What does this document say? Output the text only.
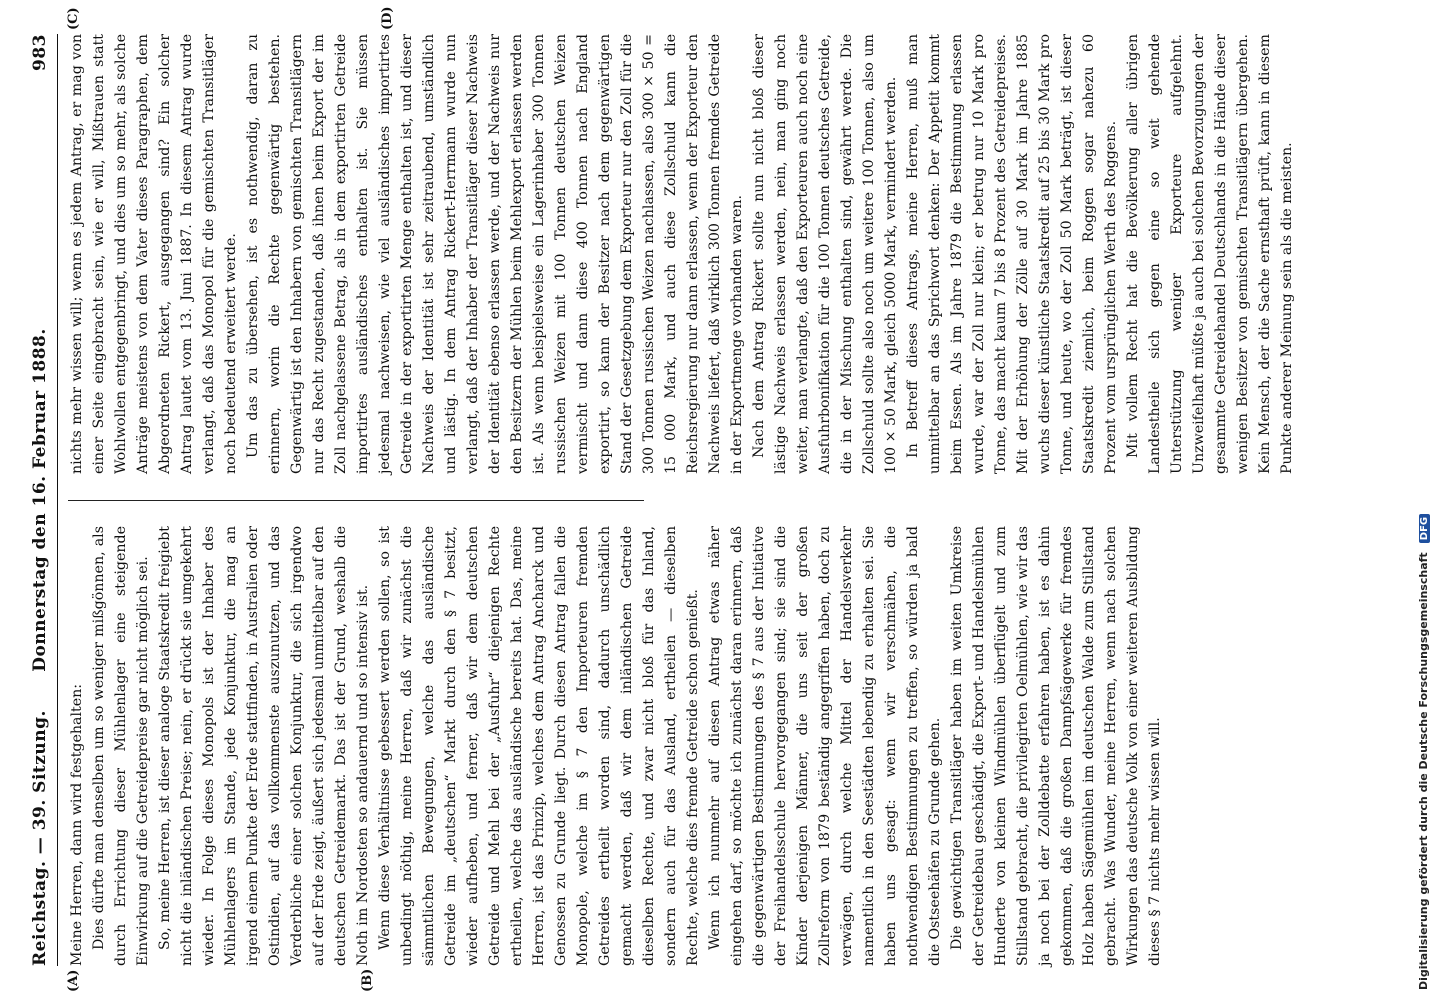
Reichstag. — 39. Sitzung.
Donnerstag den 16. Februar 1888.
983
(A)	(B)
(C)	(D)

Meine Herren, dann wird festgehalten: Dies dürfte man denselben um so weniger mißgönnen, als durch Errichtung dieser Mühlenlager eine steigende Einwirkung auf die Getreidepreise gar nicht möglich sei. So, meine Herren, ist dieser analoge Staatskredit freigiebt nicht die inländischen Preise; nein, er drückt sie umgekehrt wieder. In Folge dieses Monopols ist der Inhaber des Mühlenlagers im Stande, jede Konjunktur, die mag an irgend einem Punkte der Erde stattfinden, in Australien oder Ostindien, auf das vollkommenste auszunutzen, und das Verderbliche einer solchen Konjunktur, die sich irgendwo auf der Erde zeigt, äußert sich jedesmal unmittelbar auf den deutschen Getreidemarkt. Das ist der Grund, weshalb die Noth im Nordosten so andauernd und so intensiv ist. Wenn diese Verhältnisse gebessert werden sollen, so ist unbedingt nöthig, meine Herren, daß wir zunächst die sämmtlichen Bewegungen, welche das ausländische Getreide im „deutschen“ Markt durch den § 7 besitzt, wieder aufheben, und ferner, daß wir dem deutschen Getreide und Mehl bei der „Ausfuhr“ diejenigen Rechte ertheilen, welche das ausländische bereits hat. Das, meine Herren, ist das Prinzip, welches dem Antrag Ancharck und Genossen zu Grunde liegt. Durch diesen Antrag fallen die Monopole, welche im § 7 den Importeuren fremden Getreides ertheilt worden sind, dadurch unschädlich gemacht werden, daß wir dem inländischen Getreide dieselben Rechte, und zwar nicht bloß für das Inland, sondern auch für das Ausland, ertheilen — dieselben Rechte, welche dies fremde Getreide schon genießt. Wenn ich nunmehr auf diesen Antrag etwas näher eingehen darf, so möchte ich zunächst daran erinnern, daß die gegenwärtigen Bestimmungen des § 7 aus der Initiative der Freihandelsschule hervorgegangen sind; sie sind die Kinder derjenigen Männer, die uns seit der großen Zollreform von 1879 beständig angegriffen haben, doch zu verwägen, durch welche Mittel der Handelsverkehr namentlich in den Seestädten lebendig zu erhalten sei. Sie haben uns gesagt: wenn wir verschmähen, die nothwendigen Bestimmungen zu treffen, so würden ja bald die Ostseehäfen zu Grunde gehen. Die gewichtigen Transitläger haben im weiten Umkreise der Getreidebau geschädigt, die Export- und Handelsmühlen Hunderte von kleinen Windmühlen überflügelt und zum Stillstand gebracht, die privilegirten Oelmühlen, wie wir das ja noch bei der Zolldebatte erfahren haben, ist es dahin gekommen, daß die großen Dampfsägewerke für fremdes Holz haben Sägemühlen im deutschen Walde zum Stillstand gebracht. Was Wunder, meine Herren, wenn nach solchen Wirkungen das deutsche Volk von einer weiteren Ausbildung dieses § 7 nichts mehr wissen will.

nichts mehr wissen will; wenn es jedem Antrag, er mag von einer Seite eingebracht sein, wie er will, Mißtrauen statt Wohlwollen entgegenbringt, und dies um so mehr, als solche Anträge meistens von dem Vater dieses Paragraphen, dem Abgeordneten Rickert, ausgegangen sind? Ein solcher Antrag lautet vom 13. Juni 1887. In diesem Antrag wurde verlangt, daß das Monopol für die gemischten Transitläger noch bedeutend erweitert werde. Um das zu übersehen, ist es nothwendig, daran zu erinnern, worin die Rechte gegenwärtig bestehen. Gegenwärtig ist den Inhabern von gemischten Transitlägern nur das Recht zugestanden, daß ihnen beim Export der im Zoll nachgelassene Betrag, als in dem exportirten Getreide importirtes ausländisches enthalten ist. Sie müssen jedesmal nachweisen, wie viel ausländisches importirtes Getreide in der exportirten Menge enthalten ist, und dieser Nachweis der Identität ist sehr zeitraubend, umständlich und lästig. In dem Antrag Rickert-Herrmann wurde nun verlangt, daß der Inhaber der Transitläger dieser Nachweis der Identität ebenso erlassen werde, und der Nachweis nur den Besitzern der Mühlen beim Mehlexport erlassen werden ist. Als wenn beispielsweise ein Lagerinhaber 300 Tonnen russischen Weizen mit 100 Tonnen deutschen Weizen vermischt und dann diese 400 Tonnen nach England exportirt, so kann der Besitzer nach dem gegenwärtigen Stand der Gesetzgebung dem Exporteur nur den Zoll für die 300 Tonnen russischen Weizen nachlassen, also 300 × 50 = 15 000 Mark, und auch diese Zollschuld kann die Reichsregierung nur dann erlassen, wenn der Exporteur den Nachweis liefert, daß wirklich 300 Tonnen fremdes Getreide in der Exportmenge vorhanden waren. Nach dem Antrag Rickert sollte nun nicht bloß dieser lästige Nachweis erlassen werden, nein, man ging noch weiter, man verlangte, daß den Exporteuren auch noch eine Ausfuhrbonifikation für die 100 Tonnen deutsches Getreide, die in der Mischung enthalten sind, gewährt werde. Die Zollschuld sollte also noch um weitere 100 Tonnen, also um 100 × 50 Mark, gleich 5000 Mark, vermindert werden. In Betreff dieses Antrags, meine Herren, muß man unmittelbar an das Sprichwort denken: Der Appetit kommt beim Essen. Als im Jahre 1879 die Bestimmung erlassen wurde, war der Zoll nur klein; er betrug nur 10 Mark pro Tonne, das macht kaum 7 bis 8 Prozent des Getreidepreises. Mit der Erhöhung der Zölle auf 30 Mark im Jahre 1885 wuchs dieser künstliche Staatskredit auf 25 bis 30 Mark pro Tonne, und heute, wo der Zoll 50 Mark beträgt, ist dieser Staatskredit ziemlich, beim Roggen sogar nahezu 60 Prozent vom ursprünglichen Werth des Roggens. Mit vollem Recht hat die Bevölkerung aller übrigen Landestheile sich gegen eine so weit gehende Unterstützung weniger Exporteure aufgelehnt. Unzweifelhaft müßte ja auch bei solchen Bevorzugungen der gesammte Getreidehandel Deutschlands in die Hände dieser wenigen Besitzer von gemischten Transitlägern übergehen. Kein Mensch, der die Sache ernsthaft prüft, kann in diesem Punkte anderer Meinung sein als die meisten.

Digitalisierung gefördert durch die Deutsche Forschungsgemeinschaft DFG
